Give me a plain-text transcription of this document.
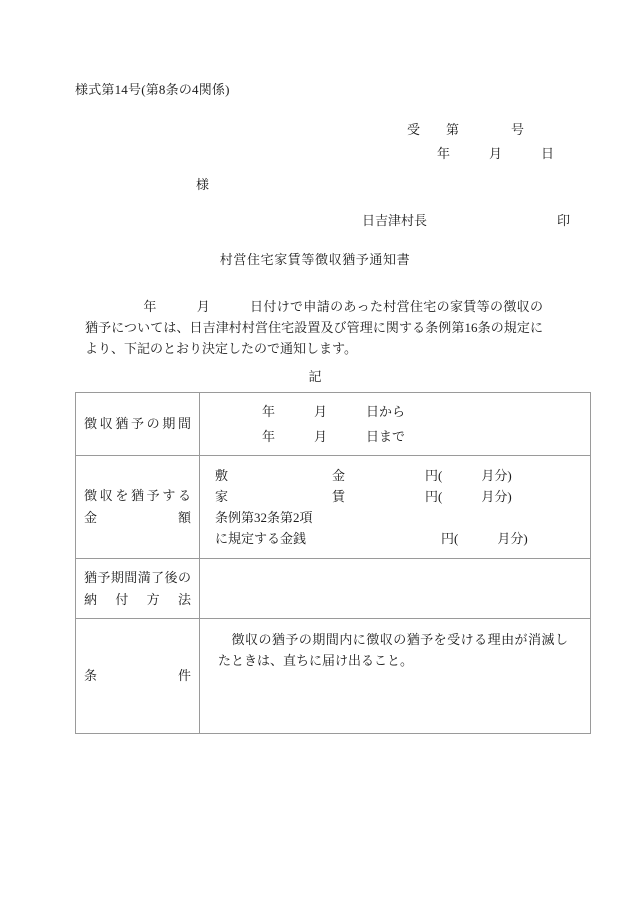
様式第14号(第8条の4関係)
受　　第　　　　号
年　　　月　　　日
様
日吉津村長　　　　　　　　　　印
村営住宅家賃等徴収猶予通知書
年　　　月　　　日付けで申請のあった村営住宅の家賃等の徴収の猶予については、日吉津村村営住宅設置及び管理に関する条例第16条の規定により、下記のとおり決定したので通知します。
記
徴収猶予の期間	年　　　月　　　日から
年　　　月　　　日まで

徴収を猶予する
金　　　　　額

敷　　　　金	円(　　　月分)
家　　　　賃	円(　　　月分)
条例第32条第2項
に規定する金銭	円(　　　月分)

猶予期間満了後の
納　付　方　法	

条　　　　　件	徴収の猶予の期間内に徴収の猶予を受ける理由が消滅したときは、直ちに届け出ること。
